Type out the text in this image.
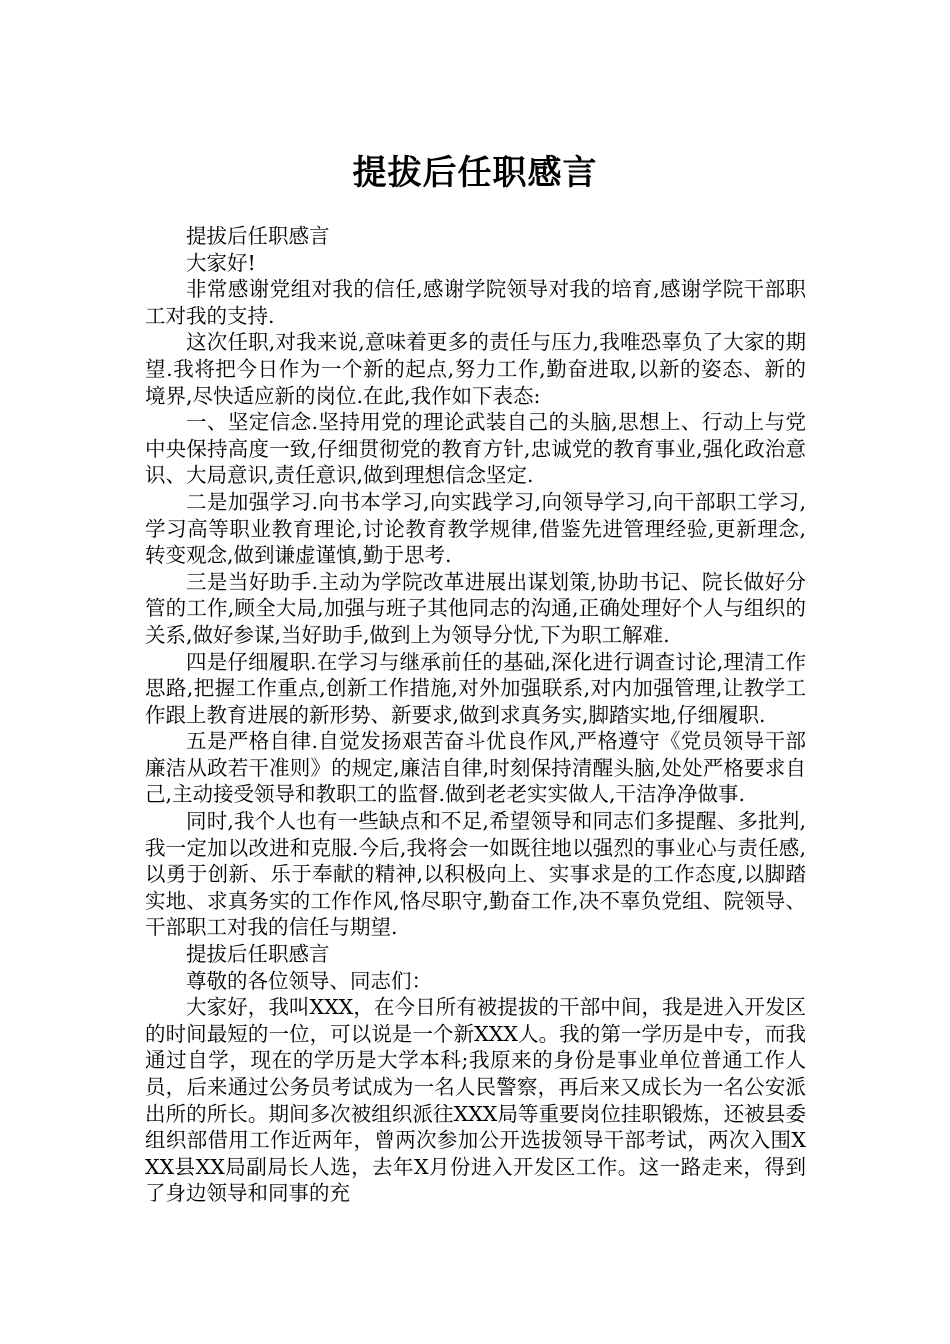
提拔后任职感言

提拔后任职感言

大家好!

非常感谢党组对我的信任,感谢学院领导对我的培育,感谢学院干部职工对我的支持.

这次任职,对我来说,意味着更多的责任与压力,我唯恐辜负了大家的期望.我将把今日作为一个新的起点,努力工作,勤奋进取,以新的姿态、新的境界,尽快适应新的岗位.在此,我作如下表态:

一、坚定信念.坚持用党的理论武装自己的头脑,思想上、行动上与党中央保持高度一致,仔细贯彻党的教育方针,忠诚党的教育事业,强化政治意识、大局意识,责任意识,做到理想信念坚定.

二是加强学习.向书本学习,向实践学习,向领导学习,向干部职工学习,学习高等职业教育理论,讨论教育教学规律,借鉴先进管理经验,更新理念,转变观念,做到谦虚谨慎,勤于思考.

三是当好助手.主动为学院改革进展出谋划策,协助书记、院长做好分管的工作,顾全大局,加强与班子其他同志的沟通,正确处理好个人与组织的关系,做好参谋,当好助手,做到上为领导分忧,下为职工解难.

四是仔细履职.在学习与继承前任的基础,深化进行调查讨论,理清工作思路,把握工作重点,创新工作措施,对外加强联系,对内加强管理,让教学工作跟上教育进展的新形势、新要求,做到求真务实,脚踏实地,仔细履职.

五是严格自律.自觉发扬艰苦奋斗优良作风,严格遵守《党员领导干部廉洁从政若干准则》的规定,廉洁自律,时刻保持清醒头脑,处处严格要求自己,主动接受领导和教职工的监督.做到老老实实做人,干洁净净做事.

同时,我个人也有一些缺点和不足,希望领导和同志们多提醒、多批判,我一定加以改进和克服.今后,我将会一如既往地以强烈的事业心与责任感,以勇于创新、乐于奉献的精神,以积极向上、实事求是的工作态度,以脚踏实地、求真务实的工作作风,恪尽职守,勤奋工作,决不辜负党组、院领导、干部职工对我的信任与期望.

提拔后任职感言

尊敬的各位领导、同志们：

大家好，我叫XXX，在今日所有被提拔的干部中间，我是进入开发区的时间最短的一位，可以说是一个新XXX人。我的第一学历是中专，而我通过自学，现在的学历是大学本科;我原来的身份是事业单位普通工作人员，后来通过公务员考试成为一名人民警察，再后来又成长为一名公安派出所的所长。期间多次被组织派往XXX局等重要岗位挂职锻炼，还被县委组织部借用工作近两年，曾两次参加公开选拔领导干部考试，两次入围XXX县XX局副局长人选，去年X月份进入开发区工作。这一路走来，得到了身边领导和同事的充
